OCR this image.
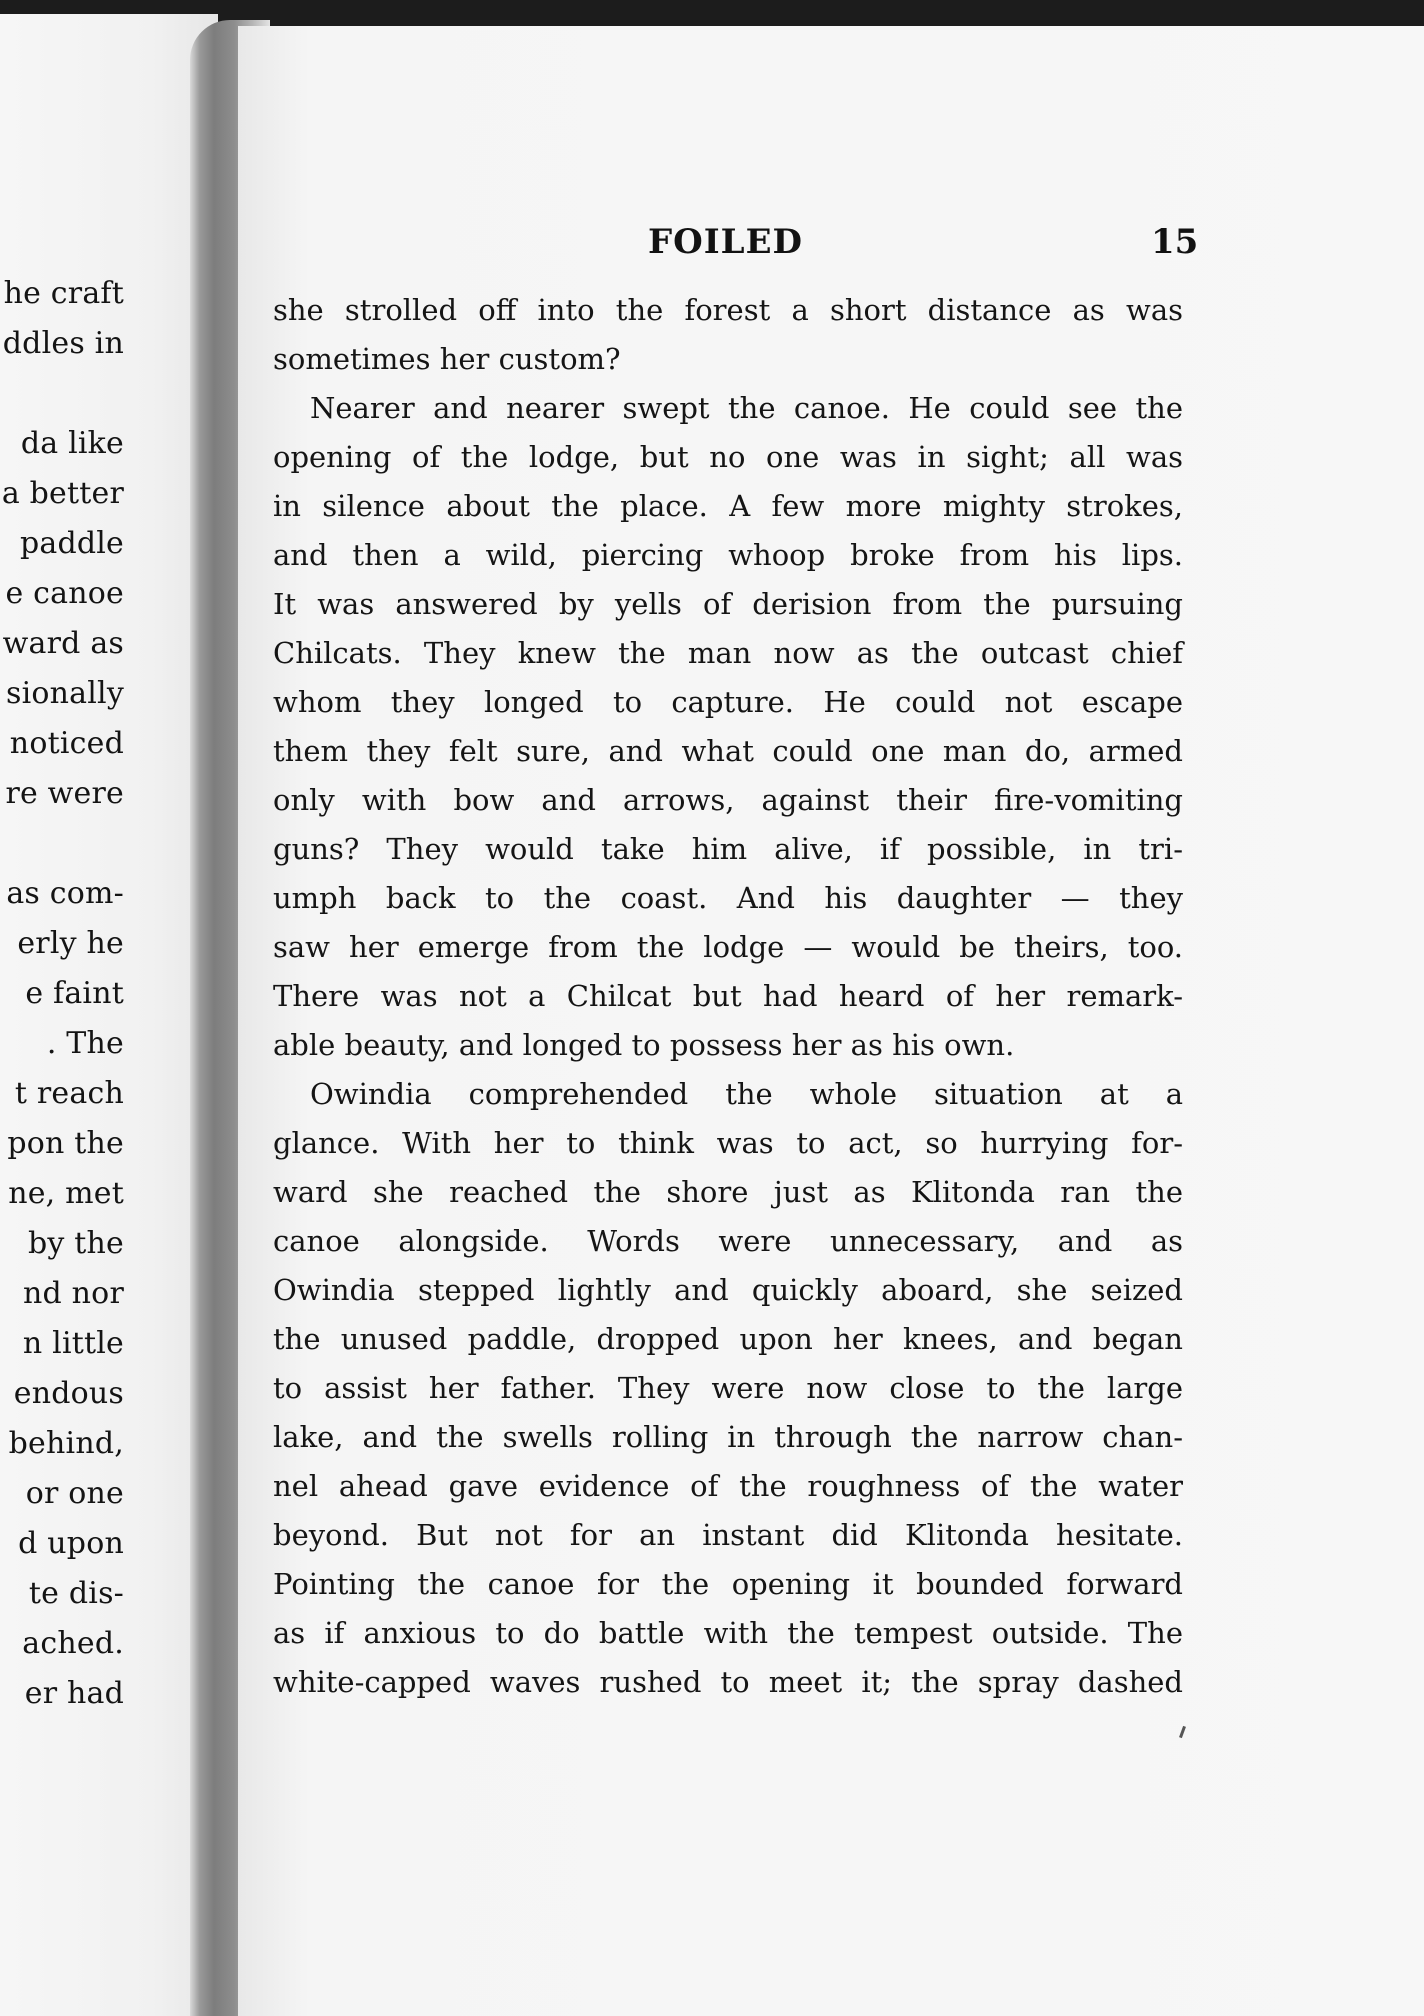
he craft
ddles in
da like
a better
paddle
e canoe
ward as
sionally
noticed
re were
as com-
erly he
e faint
. The
t reach
pon the
ne, met
by the
nd nor
n little
endous
behind,
or one
d upon
te dis-
ached.
er had
FOILED	15
she strolled off into the forest a short distance as was
sometimes her custom?
Nearer and nearer swept the canoe. He could see the
opening of the lodge, but no one was in sight; all was
in silence about the place. A few more mighty strokes,
and then a wild, piercing whoop broke from his lips.
It was answered by yells of derision from the pursuing
Chilcats. They knew the man now as the outcast chief
whom they longed to capture. He could not escape
them they felt sure, and what could one man do, armed
only with bow and arrows, against their fire-vomiting
guns? They would take him alive, if possible, in tri-
umph back to the coast. And his daughter — they
saw her emerge from the lodge — would be theirs, too.
There was not a Chilcat but had heard of her remark-
able beauty, and longed to possess her as his own.
Owindia comprehended the whole situation at a
glance. With her to think was to act, so hurrying for-
ward she reached the shore just as Klitonda ran the
canoe alongside. Words were unnecessary, and as
Owindia stepped lightly and quickly aboard, she seized
the unused paddle, dropped upon her knees, and began
to assist her father. They were now close to the large
lake, and the swells rolling in through the narrow chan-
nel ahead gave evidence of the roughness of the water
beyond. But not for an instant did Klitonda hesitate.
Pointing the canoe for the opening it bounded forward
as if anxious to do battle with the tempest outside. The
white-capped waves rushed to meet it; the spray dashed
